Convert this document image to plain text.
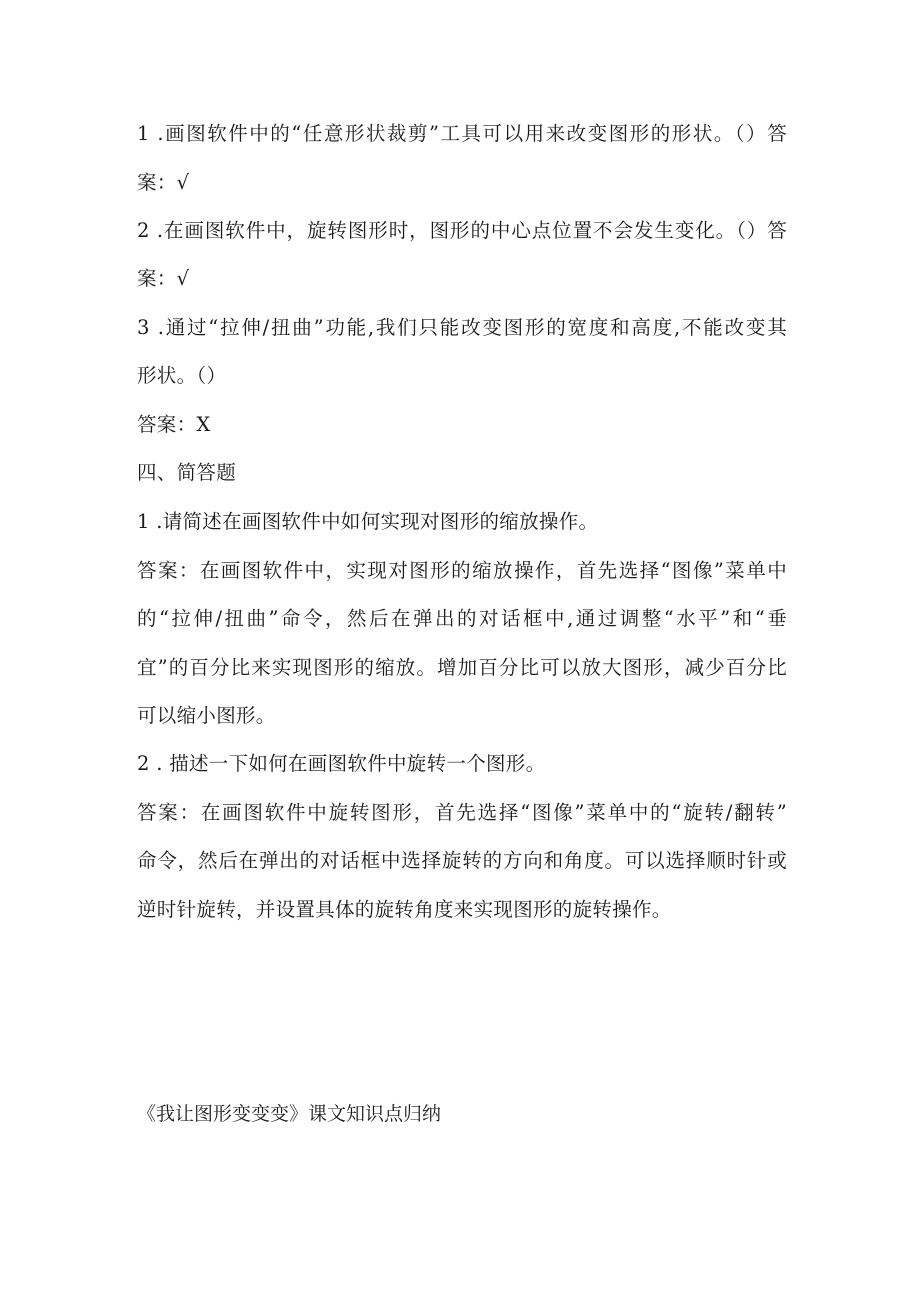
1 .画图软件中的“任意形状裁剪”工具可以用来改变图形的形状。（）答
案：√
2 .在画图软件中，旋转图形时，图形的中心点位置不会发生变化。（）答
案：√
3 .通过“拉伸/扭曲”功能,我们只能改变图形的宽度和高度,不能改变其
形状。（）
答案：X
四、简答题
1 .请简述在画图软件中如何实现对图形的缩放操作。
答案：在画图软件中，实现对图形的缩放操作，首先选择“图像”菜单中
的“拉伸/扭曲”命令，然后在弹出的对话框中,通过调整“水平”和“垂
宜”的百分比来实现图形的缩放。增加百分比可以放大图形，减少百分比
可以缩小图形。
2 . 描述一下如何在画图软件中旋转一个图形。
答案：在画图软件中旋转图形，首先选择“图像”菜单中的“旋转/翻转”
命令，然后在弹出的对话框中选择旋转的方向和角度。可以选择顺时针或
逆时针旋转，并设置具体的旋转角度来实现图形的旋转操作。
《我让图形变变变》课文知识点归纳
